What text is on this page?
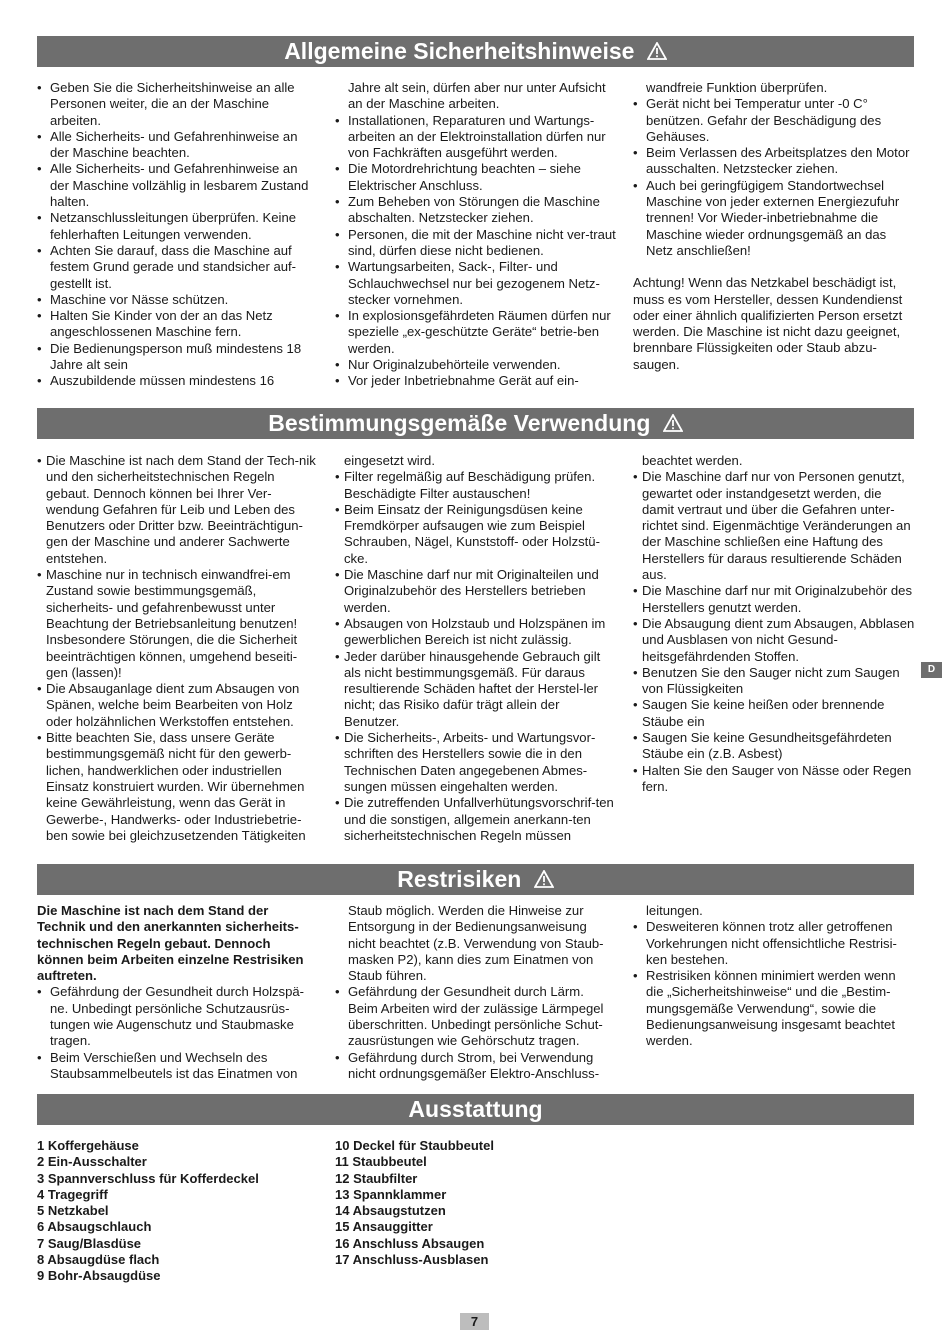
Allgemeine Sicherheitshinweise
• Geben Sie die Sicherheitshinweise an alle Personen weiter, die an der Maschine arbeiten.
• Alle Sicherheits- und Gefahrenhinweise an der Maschine beachten.
• Alle Sicherheits- und Gefahrenhinweise an der Maschine vollzählig in lesbarem Zustand halten.
• Netzanschlussleitungen überprüfen. Keine fehlerhaften Leitungen verwenden.
• Achten Sie darauf, dass die Maschine auf festem Grund gerade und standsicher auf-gestellt ist.
• Maschine vor Nässe schützen.
• Halten Sie Kinder von der an das Netz angeschlossenen Maschine fern.
• Die Bedienungsperson muß mindestens 18 Jahre alt sein
• Auszubildende müssen mindestens 16

Jahre alt sein, dürfen aber nur unter Aufsicht an der Maschine arbeiten.

• Installationen, Reparaturen und Wartungs-arbeiten an der Elektroinstallation dürfen nur von Fachkräften ausgeführt werden.
• Die Motordrehrichtung beachten – siehe Elektrischer Anschluss.
• Zum Beheben von Störungen die Maschine abschalten. Netzstecker ziehen.
• Personen, die mit der Maschine nicht ver-traut sind, dürfen diese nicht bedienen.
• Wartungsarbeiten, Sack-, Filter- und Schlauchwechsel nur bei gezogenem Netz-stecker vornehmen.
• In explosionsgefährdeten Räumen dürfen nur spezielle „ex-geschützte Geräte“ betrie-ben werden.
• Nur Originalzubehörteile verwenden.
• Vor jeder Inbetriebnahme Gerät auf ein-

wandfreie Funktion überprüfen.

• Gerät nicht bei Temperatur unter -0 C° benützen. Gefahr der Beschädigung des Gehäuses.
• Beim Verlassen des Arbeitsplatzes den Motor ausschalten. Netzstecker ziehen.
• Auch bei geringfügigem Standortwechsel Maschine von jeder externen Energiezufuhr trennen! Vor Wieder-inbetriebnahme die Maschine wieder ordnungsgemäß an das Netz anschließen!

Achtung! Wenn das Netzkabel beschädigt ist, muss es vom Hersteller, dessen Kundendienst oder einer ähnlich qualifizierten Person ersetzt werden. Die Maschine ist nicht dazu geeignet, brennbare Flüssigkeiten oder Staub abzu-saugen.

Bestimmungsgemäße Verwendung
• Die Maschine ist nach dem Stand der Tech-nik und den sicherheitstechnischen Regeln gebaut. Dennoch können bei Ihrer Ver-wendung Gefahren für Leib und Leben des Benutzers oder Dritter bzw. Beeinträchtigun-gen der Maschine und anderer Sachwerte entstehen.
• Maschine nur in technisch einwandfrei-em Zustand sowie bestimmungsgemäß, sicherheits- und gefahrenbewusst unter Beachtung der Betriebsanleitung benutzen! Insbesondere Störungen, die die Sicherheit beeinträchtigen können, umgehend beseiti-gen (lassen)!
• Die Absauganlage dient zum Absaugen von Spänen, welche beim Bearbeiten von Holz oder holzähnlichen Werkstoffen entstehen.
• Bitte beachten Sie, dass unsere Geräte bestimmungsgemäß nicht für den gewerb-lichen, handwerklichen oder industriellen Einsatz konstruiert wurden. Wir übernehmen keine Gewährleistung, wenn das Gerät in Gewerbe-, Handwerks- oder Industriebetrie-ben sowie bei gleichzusetzenden Tätigkeiten

eingesetzt wird.

• Filter regelmäßig auf Beschädigung prüfen. Beschädigte Filter austauschen!
• Beim Einsatz der Reinigungsdüsen keine Fremdkörper aufsaugen wie zum Beispiel Schrauben, Nägel, Kunststoff- oder Holzstü-cke.
• Die Maschine darf nur mit Originalteilen und Originalzubehör des Herstellers betrieben werden.
• Absaugen von Holzstaub und Holzspänen im gewerblichen Bereich ist nicht zulässig.
• Jeder darüber hinausgehende Gebrauch gilt als nicht bestimmungsgemäß. Für daraus resultierende Schäden haftet der Herstel-ler nicht; das Risiko dafür trägt allein der Benutzer.
• Die Sicherheits-, Arbeits- und Wartungsvor-schriften des Herstellers sowie die in den Technischen Daten angegebenen Abmes-sungen müssen eingehalten werden.
• Die zutreffenden Unfallverhütungsvorschrif-ten und die sonstigen, allgemein anerkann-ten sicherheitstechnischen Regeln müssen

beachtet werden.

• Die Maschine darf nur von Personen genutzt, gewartet oder instandgesetzt werden, die damit vertraut und über die Gefahren unter-richtet sind. Eigenmächtige Veränderungen an der Maschine schließen eine Haftung des Herstellers für daraus resultierende Schäden aus.
• Die Maschine darf nur mit Originalzubehör des Herstellers genutzt werden.
• Die Absaugung dient zum Absaugen, Abblasen und Ausblasen von nicht Gesund-heitsgefährdenden Stoffen.
• Benutzen Sie den Sauger nicht zum Saugen von Flüssigkeiten
• Saugen Sie keine heißen oder brennende Stäube ein
• Saugen Sie keine Gesundheitsgefährdeten Stäube ein (z.B. Asbest)
• Halten Sie den Sauger von Nässe oder Regen fern.
D
Restrisiken

Die Maschine ist nach dem Stand der Technik und den anerkannten sicherheits-technischen Regeln gebaut. Dennoch können beim Arbeiten einzelne Restrisiken auftreten.

• Gefährdung der Gesundheit durch Holzspä-ne. Unbedingt persönliche Schutzausrüs-tungen wie Augenschutz und Staubmaske tragen.
• Beim Verschießen und Wechseln des Staubsammelbeutels ist das Einatmen von

Staub möglich. Werden die Hinweise zur Entsorgung in der Bedienungsanweisung nicht beachtet (z.B. Verwendung von Staub-masken P2), kann dies zum Einatmen von Staub führen.

• Gefährdung der Gesundheit durch Lärm. Beim Arbeiten wird der zulässige Lärmpegel überschritten. Unbedingt persönliche Schut-zausrüstungen wie Gehörschutz tragen.
• Gefährdung durch Strom, bei Verwendung nicht ordnungsgemäßer Elektro-Anschluss-

leitungen.

• Desweiteren können trotz aller getroffenen Vorkehrungen nicht offensichtliche Restrisi-ken bestehen.
• Restrisiken können minimiert werden wenn die „Sicherheitshinweise“ und die „Bestim-mungsgemäße Verwendung“, sowie die Bedienungsanweisung insgesamt beachtet werden.
Ausstattung
1 Koffergehäuse
2 Ein-Ausschalter
3 Spannverschluss für Kofferdeckel
4 Tragegriff
5 Netzkabel
6 Absaugschlauch
7 Saug/Blasdüse
8 Absaugdüse flach
9 Bohr-Absaugdüse
10 Deckel für Staubbeutel
11 Staubbeutel
12 Staubfilter
13 Spannklammer
14 Absaugstutzen
15 Ansauggitter
16 Anschluss Absaugen
17 Anschluss-Ausblasen
7
